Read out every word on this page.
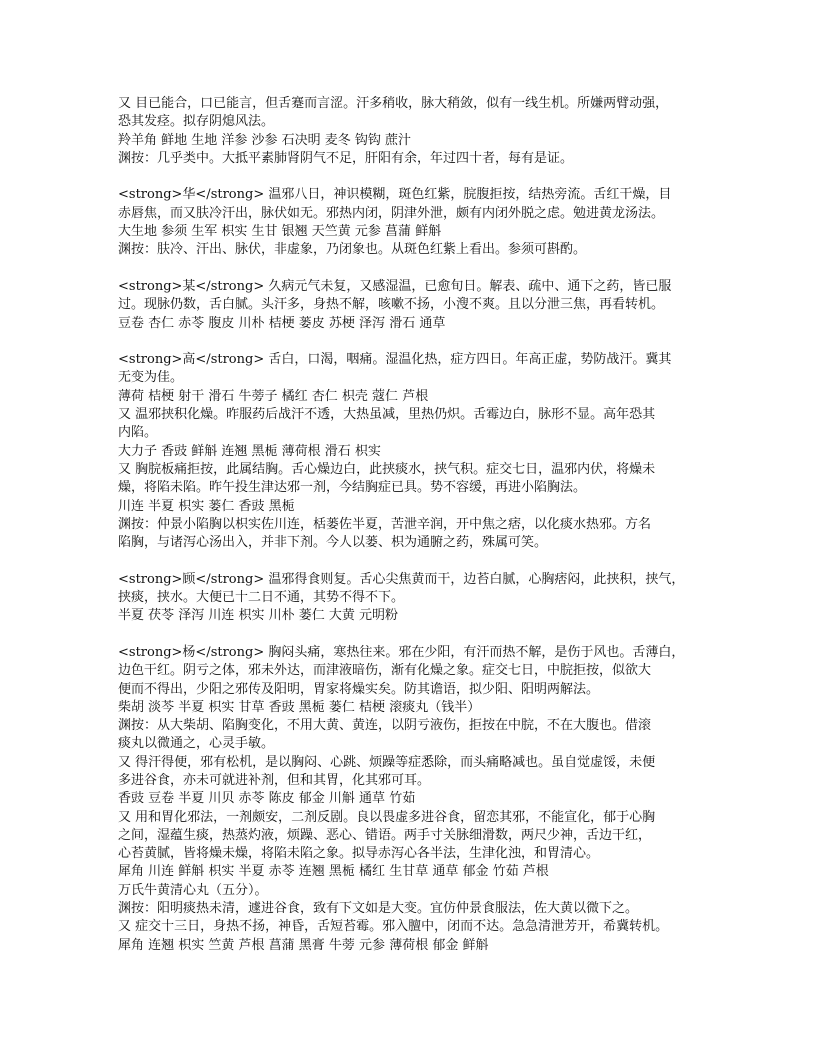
又 目已能合，口已能言，但舌蹇而言涩。汗多稍收，脉大稍敛，似有一线生机。所嫌两臂动强，
恐其发痉。拟存阴熄风法。
羚羊角 鲜地 生地 洋参 沙参 石决明 麦冬 钩钩 蔗汁
渊按：几乎类中。大抵平素肺肾阴气不足，肝阳有余，年过四十者，每有是证。
<strong>华</strong> 温邪八日，神识模糊，斑色红紫，脘腹拒按，结热旁流。舌红干燥，目
赤唇焦，而又肤冷汗出，脉伏如无。邪热内闭，阴津外泄，颇有内闭外脱之虑。勉进黄龙汤法。
大生地 参须 生军 枳实 生甘 银翘 天竺黄 元参 菖蒲 鲜斛
渊按：肤冷、汗出、脉伏，非虚象，乃闭象也。从斑色红紫上看出。参须可斟酌。
<strong>某</strong> 久病元气未复，又感湿温，已愈旬日。解表、疏中、通下之药，皆已服
过。现脉仍数，舌白腻。头汗多，身热不解，咳嗽不扬，小溲不爽。且以分泄三焦，再看转机。
豆卷 杏仁 赤苓 腹皮 川朴 桔梗 蒌皮 苏梗 泽泻 滑石 通草
<strong>高</strong> 舌白，口渴，咽痛。湿温化热，症方四日。年高正虚，势防战汗。冀其
无变为佳。
薄荷 桔梗 射干 滑石 牛蒡子 橘红 杏仁 枳壳 蔻仁 芦根
又 温邪挟积化燥。昨服药后战汗不透，大热虽减，里热仍炽。舌霉边白，脉形不显。高年恐其
内陷。
大力子 香豉 鲜斛 连翘 黑栀 薄荷根 滑石 枳实
又 胸脘板痛拒按，此属结胸。舌心燥边白，此挟痰水，挟气积。症交七日，温邪内伏，将燥未
燥，将陷未陷。昨午投生津达邪一剂，今结胸症已具。势不容缓，再进小陷胸法。
川连 半夏 枳实 蒌仁 香豉 黑栀
渊按：仲景小陷胸以枳实佐川连，栝蒌佐半夏，苦泄辛润，开中焦之痞，以化痰水热邪。方名
陷胸，与诸泻心汤出入，并非下剂。今人以蒌、枳为通腑之药，殊属可笑。
<strong>顾</strong> 温邪得食则复。舌心尖焦黄而干，边苔白腻，心胸痞闷，此挟积，挟气，
挟痰，挟水。大便已十二日不通，其势不得不下。
半夏 茯苓 泽泻 川连 枳实 川朴 蒌仁 大黄 元明粉
<strong>杨</strong> 胸闷头痛，寒热往来。邪在少阳，有汗而热不解，是伤于风也。舌薄白，
边色干红。阴亏之体，邪未外达，而津液暗伤，渐有化燥之象。症交七日，中脘拒按，似欲大
便而不得出，少阳之邪传及阳明，胃家将燥实矣。防其谵语，拟少阳、阳明两解法。
柴胡 淡芩 半夏 枳实 甘草 香豉 黑栀 蒌仁 桔梗 滚痰丸（钱半）
渊按：从大柴胡、陷胸变化，不用大黄、黄连，以阴亏液伤，拒按在中脘，不在大腹也。借滚
痰丸以微通之，心灵手敏。
又 得汗得便，邪有松机，是以胸闷、心跳、烦躁等症悉除，而头痛略减也。虽自觉虚馁，未便
多进谷食，亦未可就进补剂，但和其胃，化其邪可耳。
香豉 豆卷 半夏 川贝 赤苓 陈皮 郁金 川斛 通草 竹茹
又 用和胃化邪法，一剂颇安，二剂反剧。良以畏虚多进谷食，留恋其邪，不能宣化，郁于心胸
之间，湿蕴生痰，热蒸灼液，烦躁、恶心、错语。两手寸关脉细滑数，两尺少神，舌边干红，
心苔黄腻，皆将燥未燥，将陷未陷之象。拟导赤泻心各半法，生津化浊，和胃清心。
犀角 川连 鲜斛 枳实 半夏 赤苓 连翘 黑栀 橘红 生甘草 通草 郁金 竹茹 芦根
万氏牛黄清心丸（五分）。
渊按：阳明痰热未清，遽进谷食，致有下文如是大变。宜仿仲景食服法，佐大黄以微下之。
又 症交十三日，身热不扬，神昏，舌短苔霉。邪入膻中，闭而不达。急急清泄芳开，希冀转机。
犀角 连翘 枳实 竺黄 芦根 菖蒲 黑膏 牛蒡 元参 薄荷根 郁金 鲜斛
